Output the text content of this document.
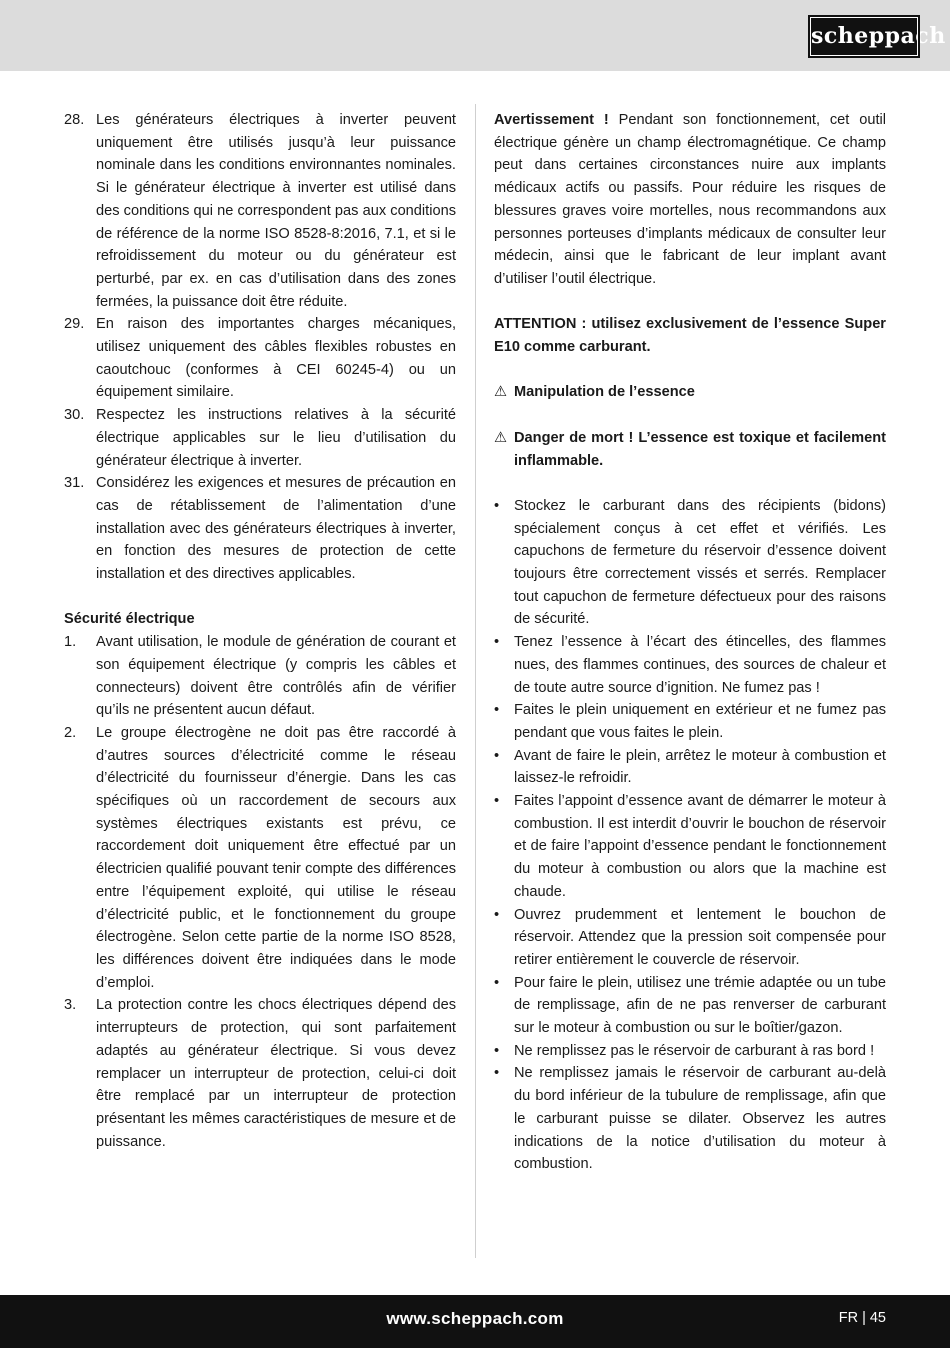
scheppach
28. Les générateurs électriques à inverter peuvent uniquement être utilisés jusqu’à leur puissance nominale dans les conditions environnantes nominales. Si le générateur électrique à inverter est utilisé dans des conditions qui ne correspondent pas aux conditions de référence de la norme ISO 8528-8:2016, 7.1, et si le refroidissement du moteur ou du générateur est perturbé, par ex. en cas d’utilisation dans des zones fermées, la puissance doit être réduite.
29. En raison des importantes charges mécaniques, utilisez uniquement des câbles flexibles robustes en caoutchouc (conformes à CEI 60245-4) ou un équipement similaire.
30. Respectez les instructions relatives à la sécurité électrique applicables sur le lieu d’utilisation du générateur électrique à inverter.
31. Considérez les exigences et mesures de précaution en cas de rétablissement de l’alimentation d’une installation avec des générateurs électriques à inverter, en fonction des mesures de protection de cette installation et des directives applicables.
Sécurité électrique
1. Avant utilisation, le module de génération de courant et son équipement électrique (y compris les câbles et connecteurs) doivent être contrôlés afin de vérifier qu’ils ne présentent aucun défaut.
2. Le groupe électrogène ne doit pas être raccordé à d’autres sources d’électricité comme le réseau d’électricité du fournisseur d’énergie. Dans les cas spécifiques où un raccordement de secours aux systèmes électriques existants est prévu, ce raccordement doit uniquement être effectué par un électricien qualifié pouvant tenir compte des différences entre l’équipement exploité, qui utilise le réseau d’électricité public, et le fonctionnement du groupe électrogène. Selon cette partie de la norme ISO 8528, les différences doivent être indiquées dans le mode d’emploi.
3. La protection contre les chocs électriques dépend des interrupteurs de protection, qui sont parfaitement adaptés au générateur électrique. Si vous devez remplacer un interrupteur de protection, celui-ci doit être remplacé par un interrupteur de protection présentant les mêmes caractéristiques de mesure et de puissance.

Avertissement ! Pendant son fonctionnement, cet outil électrique génère un champ électromagnétique. Ce champ peut dans certaines circonstances nuire aux implants médicaux actifs ou passifs. Pour réduire les risques de blessures graves voire mortelles, nous recommandons aux personnes porteuses d’implants médicaux de consulter leur médecin, ainsi que le fabricant de leur implant avant d’utiliser l’outil électrique.

ATTENTION : utilisez exclusivement de l’essence Super E10 comme carburant.

⚠ Manipulation de l’essence
⚠ Danger de mort ! L’essence est toxique et facilement inflammable.
• Stockez le carburant dans des récipients (bidons) spécialement conçus à cet effet et vérifiés. Les capuchons de fermeture du réservoir d’essence doivent toujours être correctement vissés et serrés. Remplacer tout capuchon de fermeture défectueux pour des raisons de sécurité.
• Tenez l’essence à l’écart des étincelles, des flammes nues, des flammes continues, des sources de chaleur et de toute autre source d’ignition. Ne fumez pas !
• Faites le plein uniquement en extérieur et ne fumez pas pendant que vous faites le plein.
• Avant de faire le plein, arrêtez le moteur à combustion et laissez-le refroidir.
• Faites l’appoint d’essence avant de démarrer le moteur à combustion. Il est interdit d’ouvrir le bouchon de réservoir et de faire l’appoint d’essence pendant le fonctionnement du moteur à combustion ou alors que la machine est chaude.
• Ouvrez prudemment et lentement le bouchon de réservoir. Attendez que la pression soit compensée pour retirer entièrement le couvercle de réservoir.
• Pour faire le plein, utilisez une trémie adaptée ou un tube de remplissage, afin de ne pas renverser de carburant sur le moteur à combustion ou sur le boîtier/gazon.
• Ne remplissez pas le réservoir de carburant à ras bord !
• Ne remplissez jamais le réservoir de carburant au-delà du bord inférieur de la tubulure de remplissage, afin que le carburant puisse se dilater. Observez les autres indications de la notice d’utilisation du moteur à combustion.
www.scheppach.com	FR | 45
